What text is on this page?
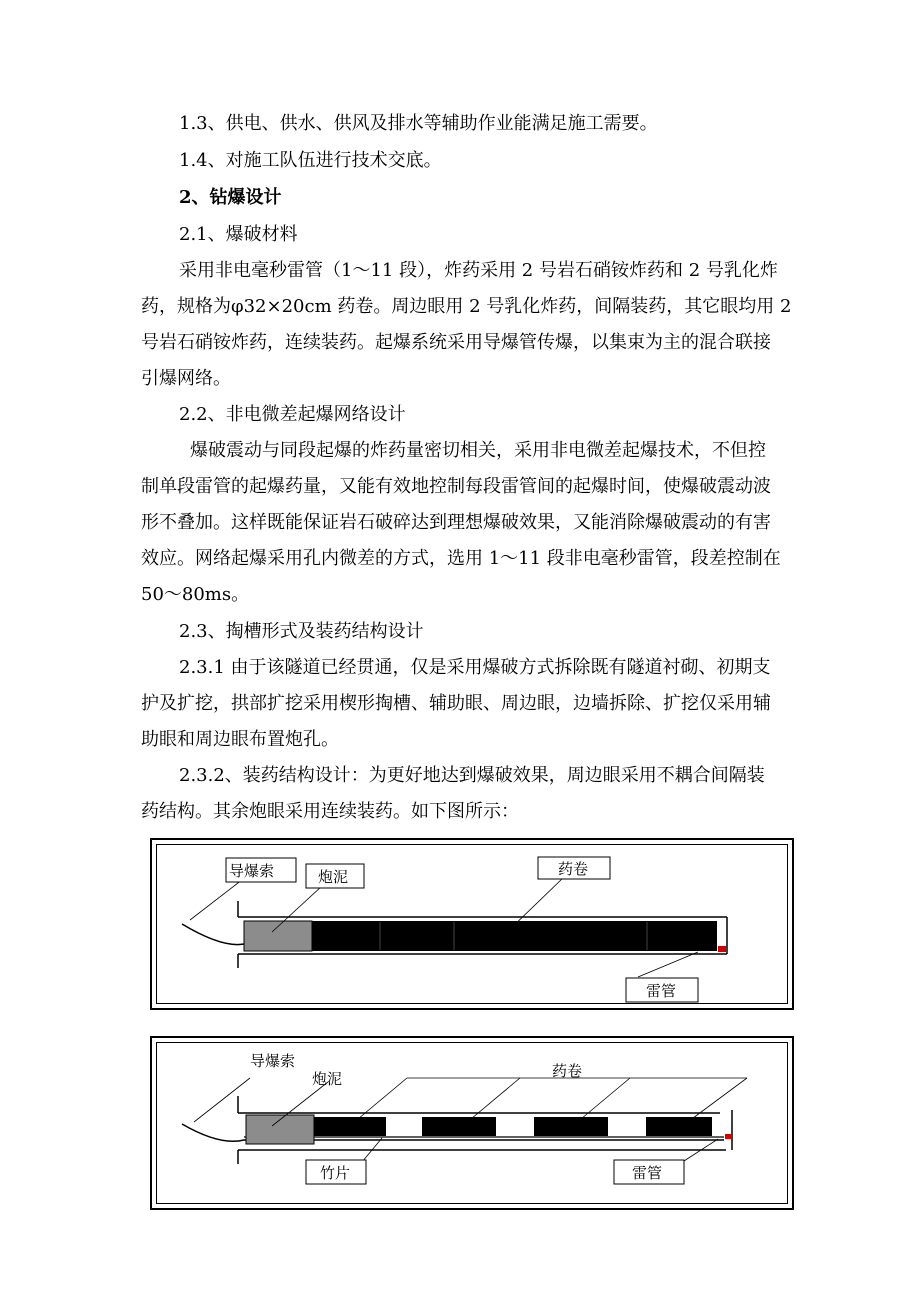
1.3、供电、供水、供风及排水等辅助作业能满足施工需要。
1.4、对施工队伍进行技术交底。
2、钻爆设计
2.1、爆破材料
采用非电毫秒雷管（1～11 段），炸药采用 2 号岩石硝铵炸药和 2 号乳化炸
药，规格为φ32×20cm 药卷。周边眼用 2 号乳化炸药，间隔装药，其它眼均用 2
号岩石硝铵炸药，连续装药。起爆系统采用导爆管传爆，以集束为主的混合联接
引爆网络。
2.2、非电微差起爆网络设计
爆破震动与同段起爆的炸药量密切相关，采用非电微差起爆技术，不但控
制单段雷管的起爆药量，又能有效地控制每段雷管间的起爆时间，使爆破震动波
形不叠加。这样既能保证岩石破碎达到理想爆破效果，又能消除爆破震动的有害
效应。网络起爆采用孔内微差的方式，选用 1～11 段非电毫秒雷管，段差控制在
50～80ms。
2.3、掏槽形式及装药结构设计
2.3.1 由于该隧道已经贯通，仅是采用爆破方式拆除既有隧道衬砌、初期支
护及扩挖，拱部扩挖采用楔形掏槽、辅助眼、周边眼，边墙拆除、扩挖仅采用辅
助眼和周边眼布置炮孔。
2.3.2、装药结构设计：为更好地达到爆破效果，周边眼采用不耦合间隔装
药结构。其余炮眼采用连续装药。如下图所示：
导爆索	炮泥	药卷
雷管
导爆索
炮泥	药卷
竹片	雷管
